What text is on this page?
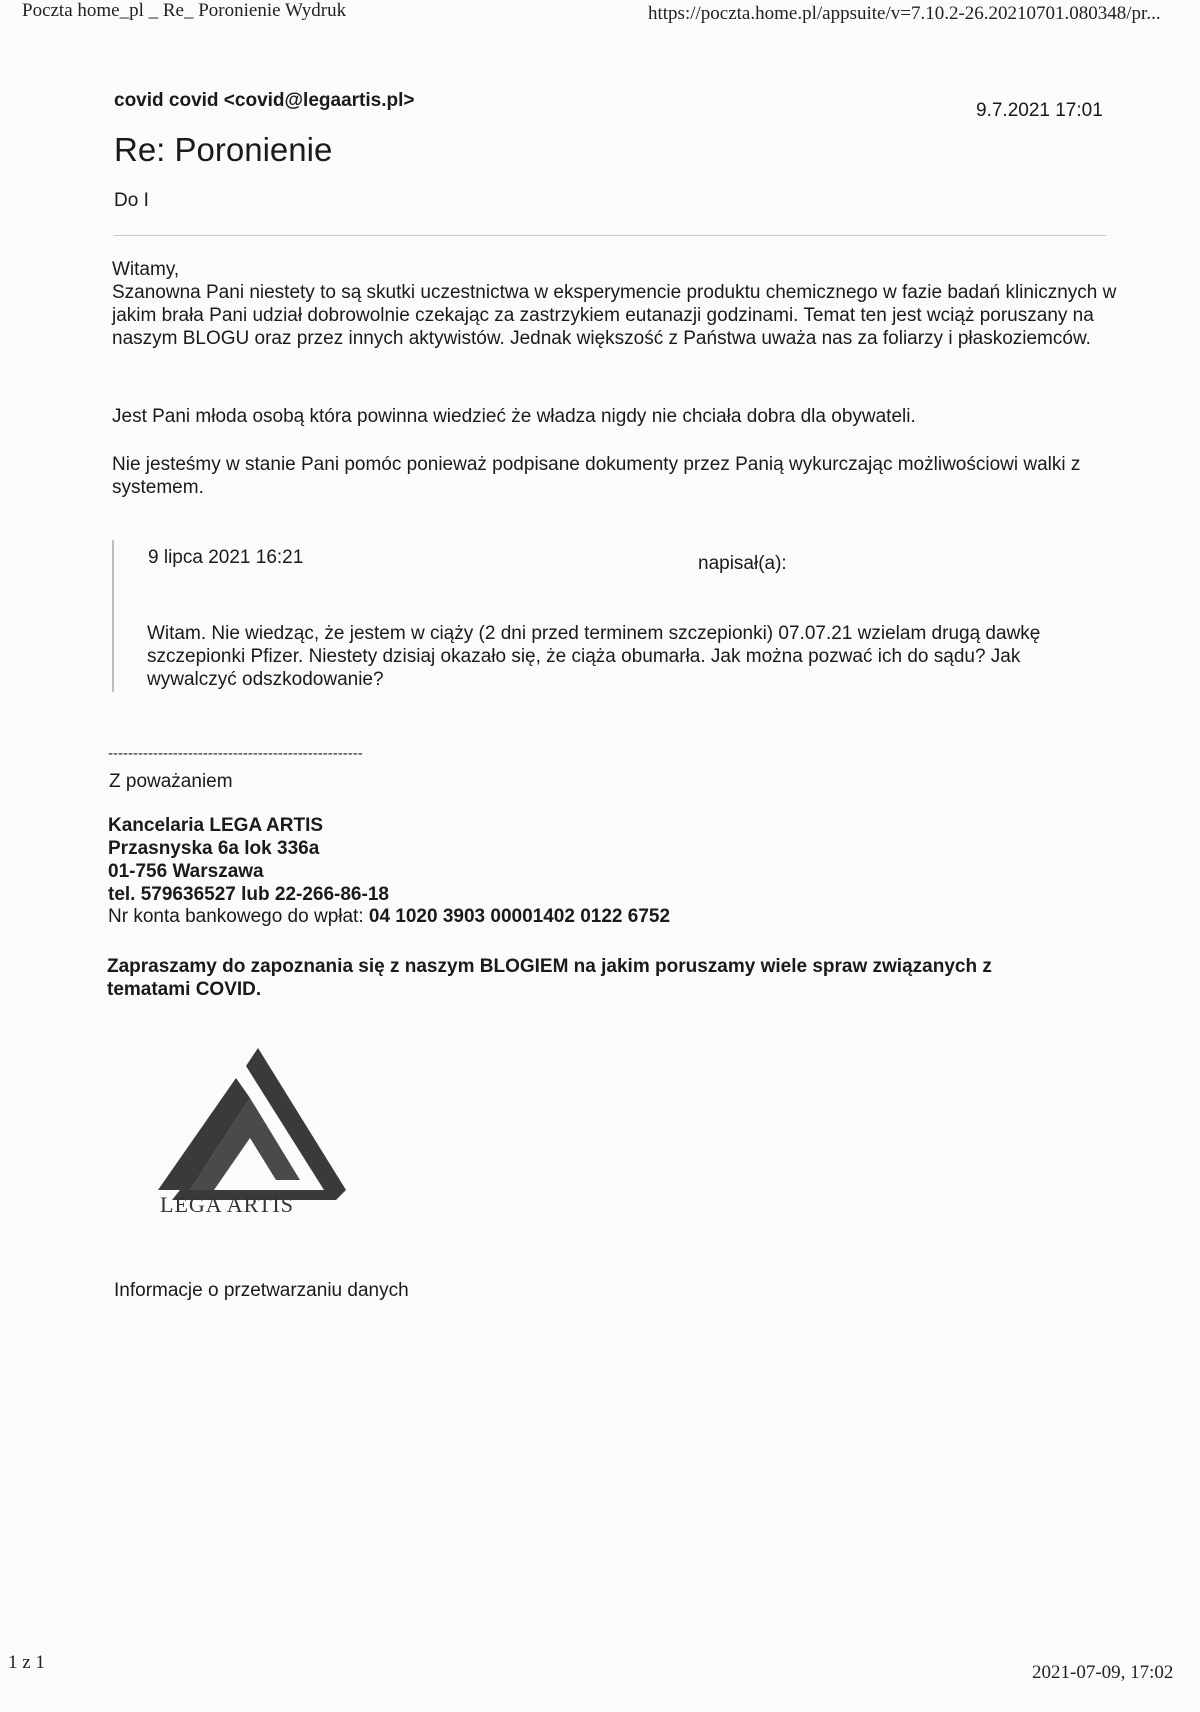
Poczta home_pl _ Re_ Poronienie Wydruk	https://poczta.home.pl/appsuite/v=7.10.2-26.20210701.080348/pr...
covid covid <covid@legaartis.pl>	9.7.2021 17:01
Re: Poronienie
Do I

Witamy,

Szanowna Pani niestety to są skutki uczestnictwa w eksperymencie produktu chemicznego w fazie badań klinicznych w jakim brała Pani udział dobrowolnie czekając za zastrzykiem eutanazji godzinami. Temat ten jest wciąż poruszany na naszym BLOGU oraz przez innych aktywistów. Jednak większość z Państwa uważa nas za foliarzy i płaskoziemców.

Jest Pani młoda osobą która powinna wiedzieć że władza nigdy nie chciała dobra dla obywateli.

Nie jesteśmy w stanie Pani pomóc ponieważ podpisane dokumenty przez Panią wykurczając możliwościowi walki z systemem.

9 lipca 2021 16:21	napisał(a):
Witam. Nie wiedząc, że jestem w ciąży (2 dni przed terminem szczepionki) 07.07.21 wzielam drugą dawkę szczepionki Pfizer. Niestety dzisiaj okazało się, że ciąża obumarła. Jak można pozwać ich do sądu? Jak wywalczyć odszkodowanie?
---------------------------------------------------
Z poważaniem
Kancelaria LEGA ARTIS
Przasnyska 6a lok 336a
01-756 Warszawa
tel. 579636527 lub 22-266-86-18
Nr konta bankowego do wpłat: 04 1020 3903 00001402 0122 6752
Zapraszamy do zapoznania się z naszym BLOGIEM na jakim poruszamy wiele spraw związanych z tematami COVID.
LEGA ARTIS
Informacje o przetwarzaniu danych
1 z 1	2021-07-09, 17:02
